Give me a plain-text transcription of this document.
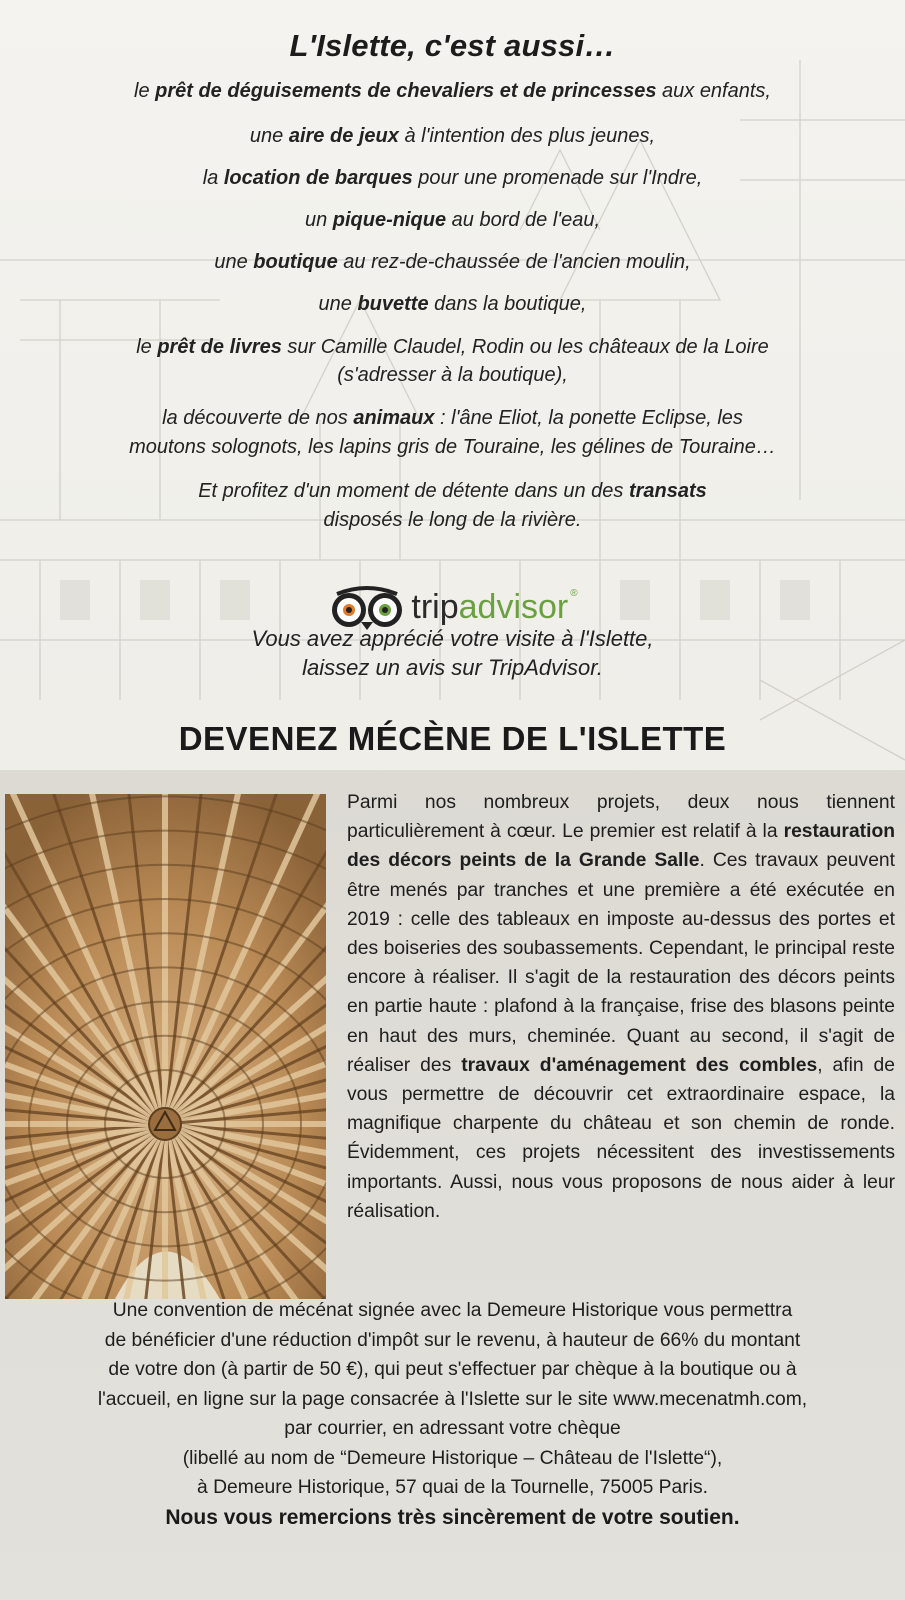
L'Islette, c'est aussi…
le prêt de déguisements de chevaliers et de princesses aux enfants,
une aire de jeux à l'intention des plus jeunes,
la location de barques pour une promenade sur l'Indre,
un pique-nique au bord de l'eau,
une boutique au rez-de-chaussée de l'ancien moulin,
une buvette dans la boutique,
le prêt de livres sur Camille Claudel, Rodin ou les châteaux de la Loire
(s'adresser à la boutique),
la découverte de nos animaux : l'âne Eliot, la ponette Eclipse, les
moutons solognots, les lapins gris de Touraine, les gélines de Touraine…
Et profitez d'un moment de détente dans un des transats
disposés le long de la rivière.
tripadvisor ®
Vous avez apprécié votre visite à l'Islette,
laissez un avis sur TripAdvisor.
DEVENEZ MÉCÈNE DE L'ISLETTE
Parmi nos nombreux projets, deux nous tiennent particulièrement à cœur. Le premier est relatif à la restauration des décors peints de la Grande Salle. Ces travaux peuvent être menés par tranches et une première a été exécutée en 2019 : celle des tableaux en imposte au-dessus des portes et des boiseries des soubassements. Cependant, le principal reste encore à réaliser. Il s'agit de la restauration des décors peints en partie haute : plafond à la française, frise des blasons peinte en haut des murs, cheminée. Quant au second, il s'agit de réaliser des travaux d'aménagement des combles, afin de vous permettre de découvrir cet extraordinaire espace, la magnifique charpente du château et son chemin de ronde. Évidemment, ces projets nécessitent des investissements importants. Aussi, nous vous proposons de nous aider à leur réalisation.
Une convention de mécénat signée avec la Demeure Historique vous permettra
de bénéficier d'une réduction d'impôt sur le revenu, à hauteur de 66% du montant
de votre don (à partir de 50 €), qui peut s'effectuer par chèque à la boutique ou à
l'accueil, en ligne sur la page consacrée à l'Islette sur le site www.mecenatmh.com,
par courrier, en adressant votre chèque
(libellé au nom de “Demeure Historique – Château de l'Islette“),
à Demeure Historique, 57 quai de la Tournelle, 75005 Paris.
Nous vous remercions très sincèrement de votre soutien.
